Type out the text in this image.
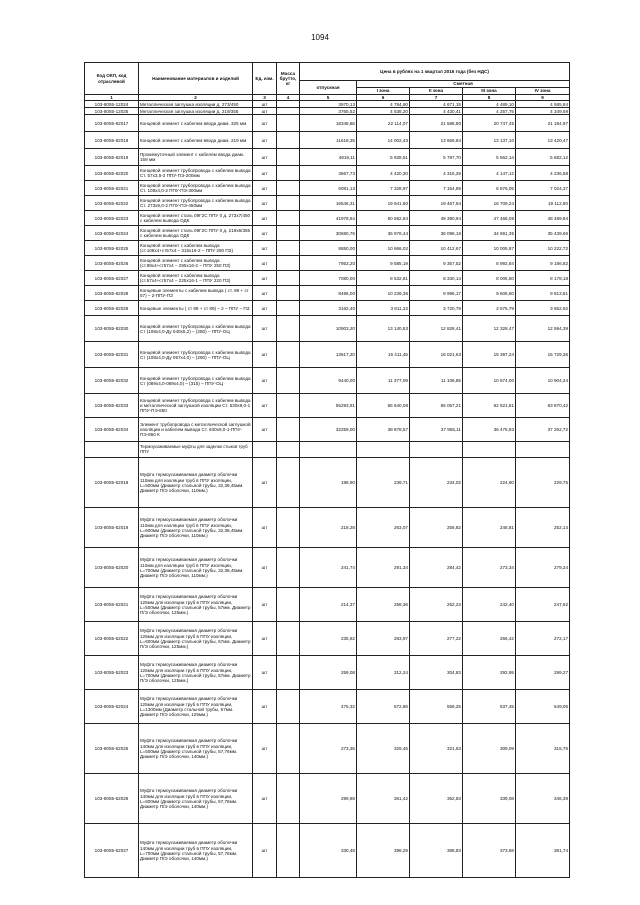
1094
Код ОКП, код отраслевой	Наименование материалов и изделий	Ед. изм.	Масса брутто, кг	Цена в рублях на 1 квартал 2016 года (без НДС)				
				отпускная	Сметная			
					I зона	II зона	III зона	IV зона
1	2	3	4	5	6	7	8	9
103-8055-12024	Металлическая заглушка изоляции д. 273/450	шт		3970,13	4 784,60	4 671,15	4 489,10	4 585,84
103-8055-12025	Металлическая заглушка изоляции д. 219/355	шт		3765,52	4 538,20	4 430,41	4 257,75	4 349,59
103-8055-82017	Концевой элемент с кабелем ввода диам. 325 мм	шт		18348,86	22 114,07	21 588,80	20 747,45	21 194,97
103-8055-82018	Концевой элемент с кабелем ввода диам. 219 мм	шт		11618,35	14 002,43	13 669,84	13 137,10	13 420,47
103-8055-82019	Промежуточный элемент с кабелем ввода диам. 159 мм	шт		4919,11	5 928,51	5 787,70	5 562,14	5 682,12
103-8055-82020	Концевой элемент трубопровода с кабелем вывода Ст. 57х3,5-2 ППУ-ПЭ-200мм	шт		3667,73	4 420,30	4 315,29	4 147,12	4 236,58
103-8055-82021	Концевой элемент трубопровода с кабелем вывода Ст. 108х4,0-2 ППУ-ПЭ-300мм	шт		6081,13	7 328,97	7 154,89	6 876,05	7 024,37
103-8055-82022	Концевой элемент трубопровода с кабелем вывода Ст. 273х9,0-2 ППУ-ПЭ-450мм	шт		16546,31	19 941,60	19 467,94	18 709,24	19 112,80
103-8055-82023	Концевой элемент сталь 09Г2С ППУ 0 д. 273х7/450 с кабелем вывода ОДК	шт		41978,64	50 592,84	49 390,94	47 466,08	48 489,94
103-8055-82024	Концевой элемент сталь 09Г2С ППУ 0 д. 219х6/355 с кабелем вывода ОДК	шт		30680,76	36 976,44	36 098,16	34 691,35	35 439,66
103-8055-82025	Концевой элемент с кабелем вывода (ст.108х4+ст57х4 – 315х16-2 – ППУ 280 ПЗ)	шт		8850,00	10 666,02	10 412,67	10 006,87	10 222,72
103-8055-82026	Концевой элемент с кабелем вывода (ст.89х4+ст57х4 – 295х16-2 – ППУ 250 ПЗ)	шт		7953,20	9 585,19	9 357,52	8 992,84	9 186,82
103-8055-82027	Концевой элемент с кабелем вывода (ст.57х4+ст57х4 – 225х16-1 – ППУ 220 ПЗ)	шт		7080,00	8 532,81	8 330,14	8 005,50	8 178,18
103-8055-82028	Концевые элементы с кабелем вывода ( ст. 89 + ст 57) – 2-ППУ-ПЗ	шт		8496,00	10 239,36	9 996,17	9 606,60	9 813,81
103-8055-82029	Концевые элементы ( ст 89 + ст 89) – 2 – ППУ – ПЗ	шт		3162,40	3 811,32	3 720,79	3 575,79	3 652,92
103-8055-82030	Концевой элемент трубопровода с кабелем вывода Ст (108х4,0-Ду 040х5,2) – (280) – ППУ-ОЦ	шт		10903,20	13 140,53	12 828,41	12 328,47	12 594,39
103-8055-82031	Концевой элемент трубопровода с кабелем вывода Ст (108х4,0-Ду 057х4,0) – (280) – ППУ-ОЦ	шт		13617,20	16 411,45	16 021,63	15 397,24	15 729,36
103-8055-82032	Концевой элемент трубопровода с кабелем вывода Ст (089х4,0-089х4,0) – (315) – ППУ-ОЦ	шт		9440,00	11 377,09	11 106,85	10 674,00	10 904,24
103-8055-82033	Концевой элемент трубопровода с кабелем вывода и металлической заглушкой изоляции Ст. 530х9,0-1 ППУ-ПЭ-850	шт		55293,91	66 640,08	65 057,21	62 521,81	63 870,42
103-8055-82034	Элемент трубопровода с металлической заглушкой изоляции и кабелем вывода Ст. 630х9,0-1-ППУ-ПЭ-850 К	шт		32259,00	38 878,57	37 955,11	36 475,93	37 262,72
	Термоусаживаемые муфты для заделки стыков труб ППУ							
103-8055-52018	Муфта термоусаживаемая диаметр оболочки 110мм для изоляции труб в ППУ изоляции, L=500мм (Диаметр стальной трубы, 32,38,45мм. Диаметр П/Э оболочки, 110мм.)	шт		198,90	239,71	234,02	224,90	229,75
103-8055-52019	Муфта термоусаживаемая диаметр оболочки 110мм для изоляции труб в ППУ изоляции, L=600мм (Диаметр стальной трубы, 32,38,45мм. Диаметр П/Э оболочки, 110мм.)	шт		218,28	263,07	256,82	246,81	252,14
103-8055-52020	Муфта термоусаживаемая диаметр оболочки 110мм для изоляции труб в ППУ изоляции, L=700мм (Диаметр стальной трубы, 32,38,45мм. Диаметр П/Э оболочки, 110мм.)	шт		241,74	291,34	284,42	273,34	279,24
103-8055-52021	Муфта термоусаживаемая диаметр оболочки 125мм для изоляции труб в ППУ изоляции, L=500мм (Диаметр стальной трубы, 57мм. Диаметр П/Э оболочки, 125мм.)	шт		214,37	258,36	252,23	242,40	247,62
103-8055-52022	Муфта термоусаживаемая диаметр оболочки 125мм для изоляции труб в ППУ изоляции, L=600мм (Диаметр стальной трубы, 57мм. Диаметр П/Э оболочки, 125мм.)	шт		235,62	283,97	277,22	266,42	272,17
103-8055-52023	Муфта термоусаживаемая диаметр оболочки 125мм для изоляции труб в ППУ изоляции, L=700мм (Диаметр стальной трубы, 57мм. Диаметр П/Э оболочки, 125мм.)	шт		259,08	312,24	304,83	292,95	299,27
103-8055-52024	Муфта термоусаживаемая диаметр оболочки 125мм для изоляции труб в ППУ изоляции, L=1300мм (Диаметр стальной трубы, 57мм. Диаметр П/Э оболочки, 125мм.)	шт		475,32	572,86	559,25	537,45	549,05
103-8055-52025	Муфта термоусаживаемая диаметр оболочки 140мм для изоляции труб в ППУ изоляции, L=500мм (Диаметр стальной трубы, 57,76мм. Диаметр П/Э оболочки, 140мм.)	шт		273,36	329,45	321,63	309,09	315,76
103-8055-52026	Муфта термоусаживаемая диаметр оболочки 140мм для изоляции труб в ППУ изоляции, L=600мм (Диаметр стальной трубы, 57,76мм. Диаметр П/Э оболочки, 140мм.)	шт		299,88	361,42	352,83	339,08	346,39
103-8055-52027	Муфта термоусаживаемая диаметр оболочки 140мм для изоляции труб в ППУ изоляции, L=700мм (Диаметр стальной трубы, 57,76мм. Диаметр П/Э оболочки, 140мм.)	шт		330,48	398,29	388,83	373,68	381,74
